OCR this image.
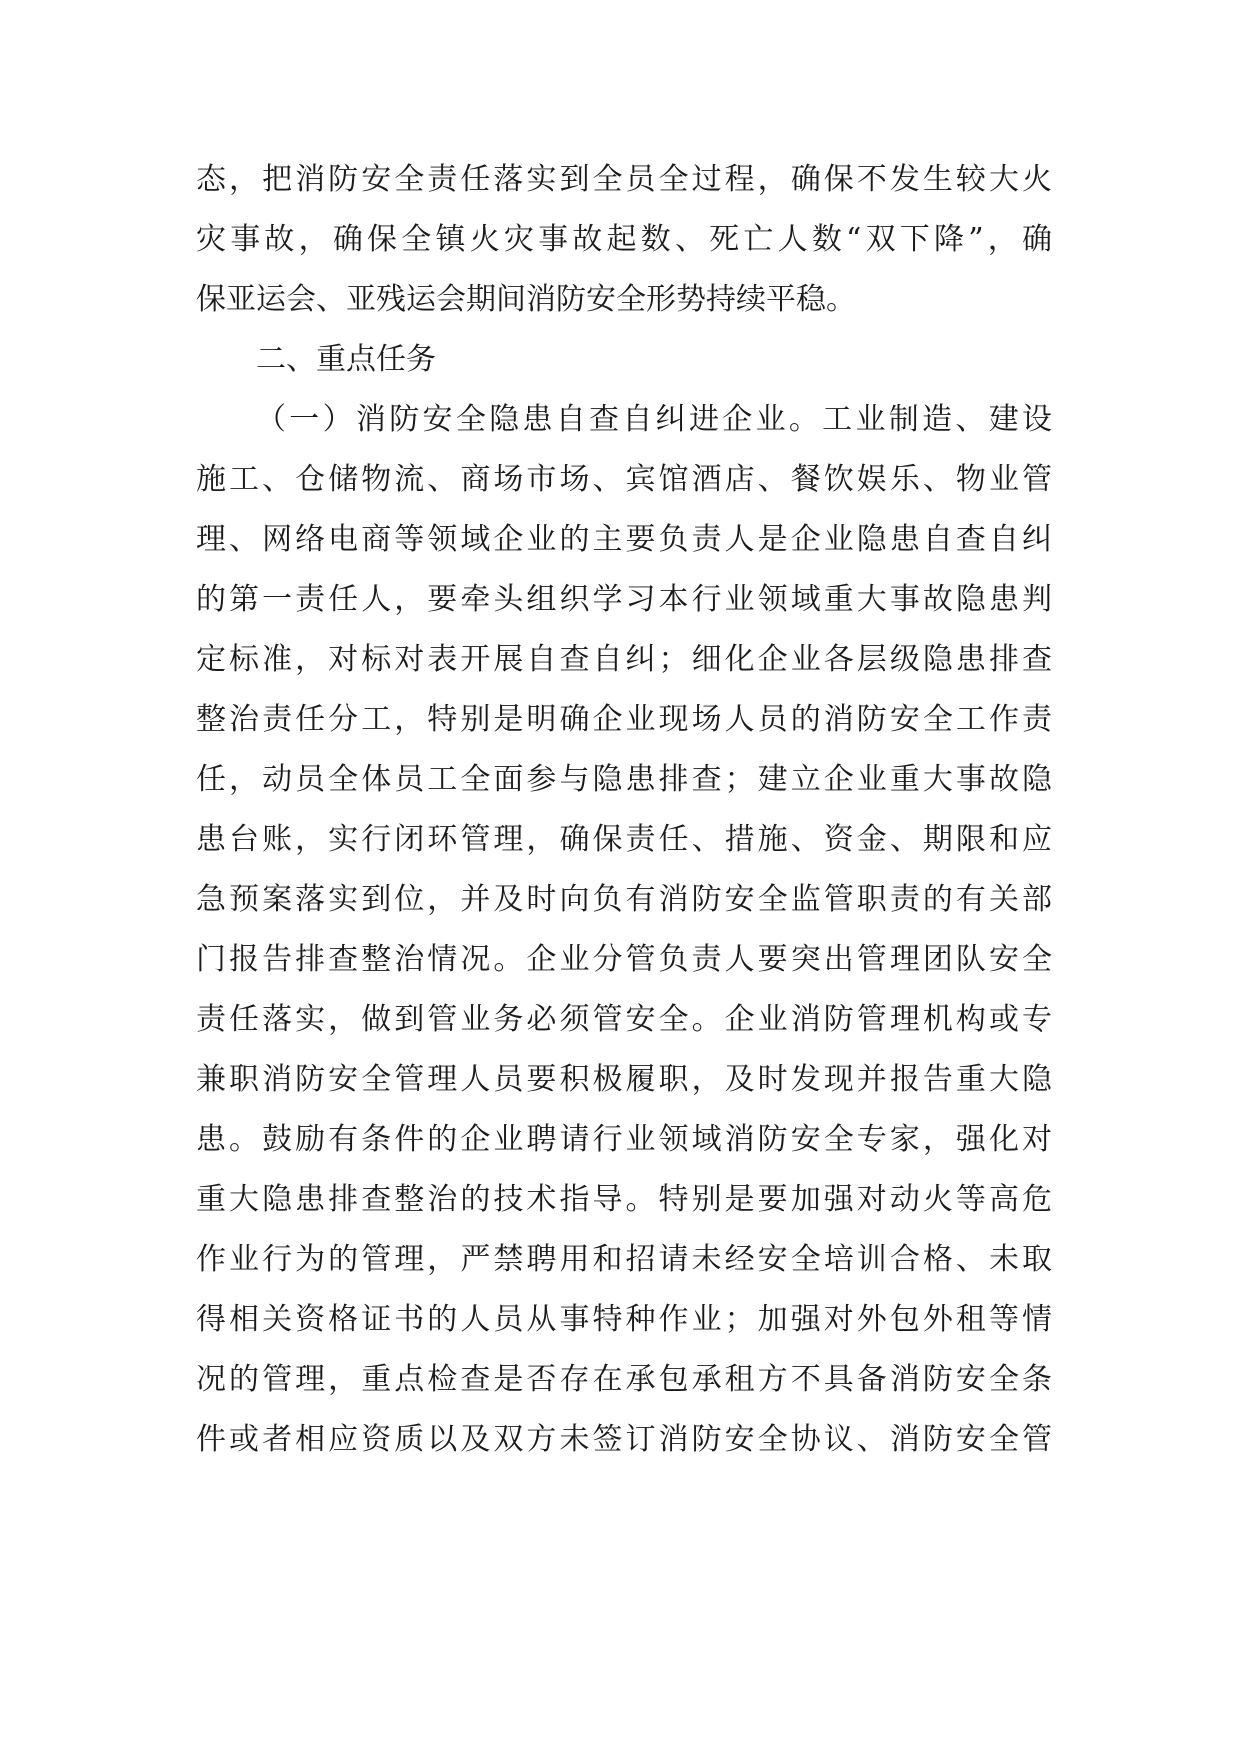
态，把消防安全责任落实到全员全过程，确保不发生较大火
灾事故，确保全镇火灾事故起数、死亡人数“双下降”，确
保亚运会、亚残运会期间消防安全形势持续平稳。
二、重点任务
（一）消防安全隐患自查自纠进企业。工业制造、建设
施工、仓储物流、商场市场、宾馆酒店、餐饮娱乐、物业管
理、网络电商等领域企业的主要负责人是企业隐患自查自纠
的第一责任人，要牵头组织学习本行业领域重大事故隐患判
定标准，对标对表开展自查自纠；细化企业各层级隐患排查
整治责任分工，特别是明确企业现场人员的消防安全工作责
任，动员全体员工全面参与隐患排查；建立企业重大事故隐
患台账，实行闭环管理，确保责任、措施、资金、期限和应
急预案落实到位，并及时向负有消防安全监管职责的有关部
门报告排查整治情况。企业分管负责人要突出管理团队安全
责任落实，做到管业务必须管安全。企业消防管理机构或专
兼职消防安全管理人员要积极履职，及时发现并报告重大隐
患。鼓励有条件的企业聘请行业领域消防安全专家，强化对
重大隐患排查整治的技术指导。特别是要加强对动火等高危
作业行为的管理，严禁聘用和招请未经安全培训合格、未取
得相关资格证书的人员从事特种作业；加强对外包外租等情
况的管理，重点检查是否存在承包承租方不具备消防安全条
件或者相应资质以及双方未签订消防安全协议、消防安全管
